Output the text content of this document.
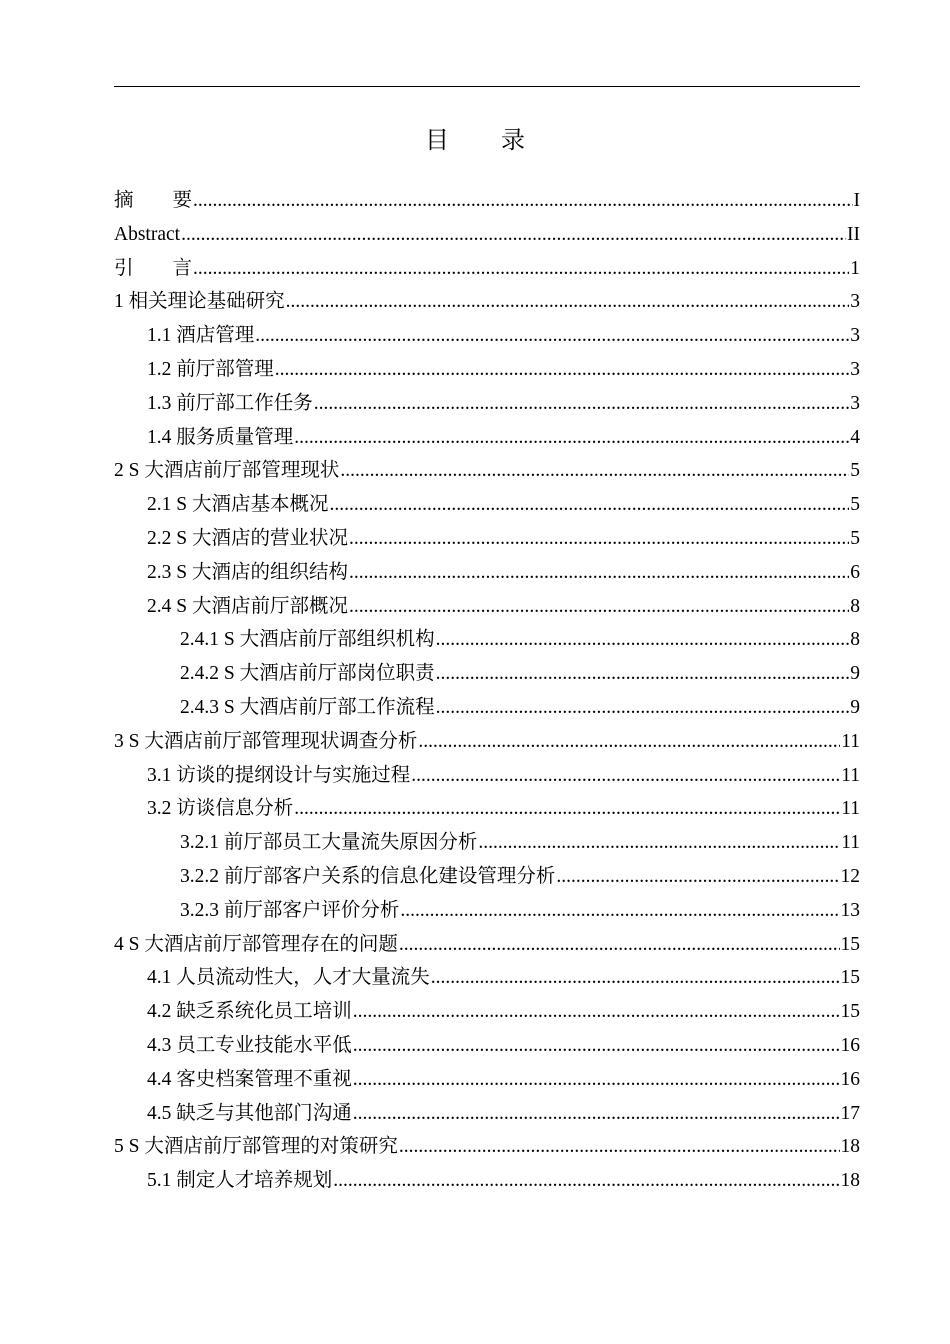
目 录
摘　　要 .....	I
Abstract .....	II
引　　言 .....	1
1 相关理论基础研究 .....	3
1.1 酒店管理 .....	3
1.2 前厅部管理 .....	3
1.3 前厅部工作任务 .....	3
1.4 服务质量管理 .....	4
2 S 大酒店前厅部管理现状 .....	5
2.1 S 大酒店基本概况 .....	5
2.2 S 大酒店的营业状况 .....	5
2.3 S 大酒店的组织结构 .....	6
2.4 S 大酒店前厅部概况 .....	8
2.4.1 S 大酒店前厅部组织机构 .....	8
2.4.2 S 大酒店前厅部岗位职责 .....	9
2.4.3 S 大酒店前厅部工作流程 .....	9
3 S 大酒店前厅部管理现状调查分析 .....	11
3.1 访谈的提纲设计与实施过程 .....	11
3.2 访谈信息分析 .....	11
3.2.1 前厅部员工大量流失原因分析 .....	11
3.2.2 前厅部客户关系的信息化建设管理分析 .....	12
3.2.3 前厅部客户评价分析 .....	13
4 S 大酒店前厅部管理存在的问题 .....	15
4.1 人员流动性大，人才大量流失 .....	15
4.2 缺乏系统化员工培训 .....	15
4.3 员工专业技能水平低 .....	16
4.4 客史档案管理不重视 .....	16
4.5 缺乏与其他部门沟通 .....	17
5 S 大酒店前厅部管理的对策研究 .....	18
5.1 制定人才培养规划 .....	18
